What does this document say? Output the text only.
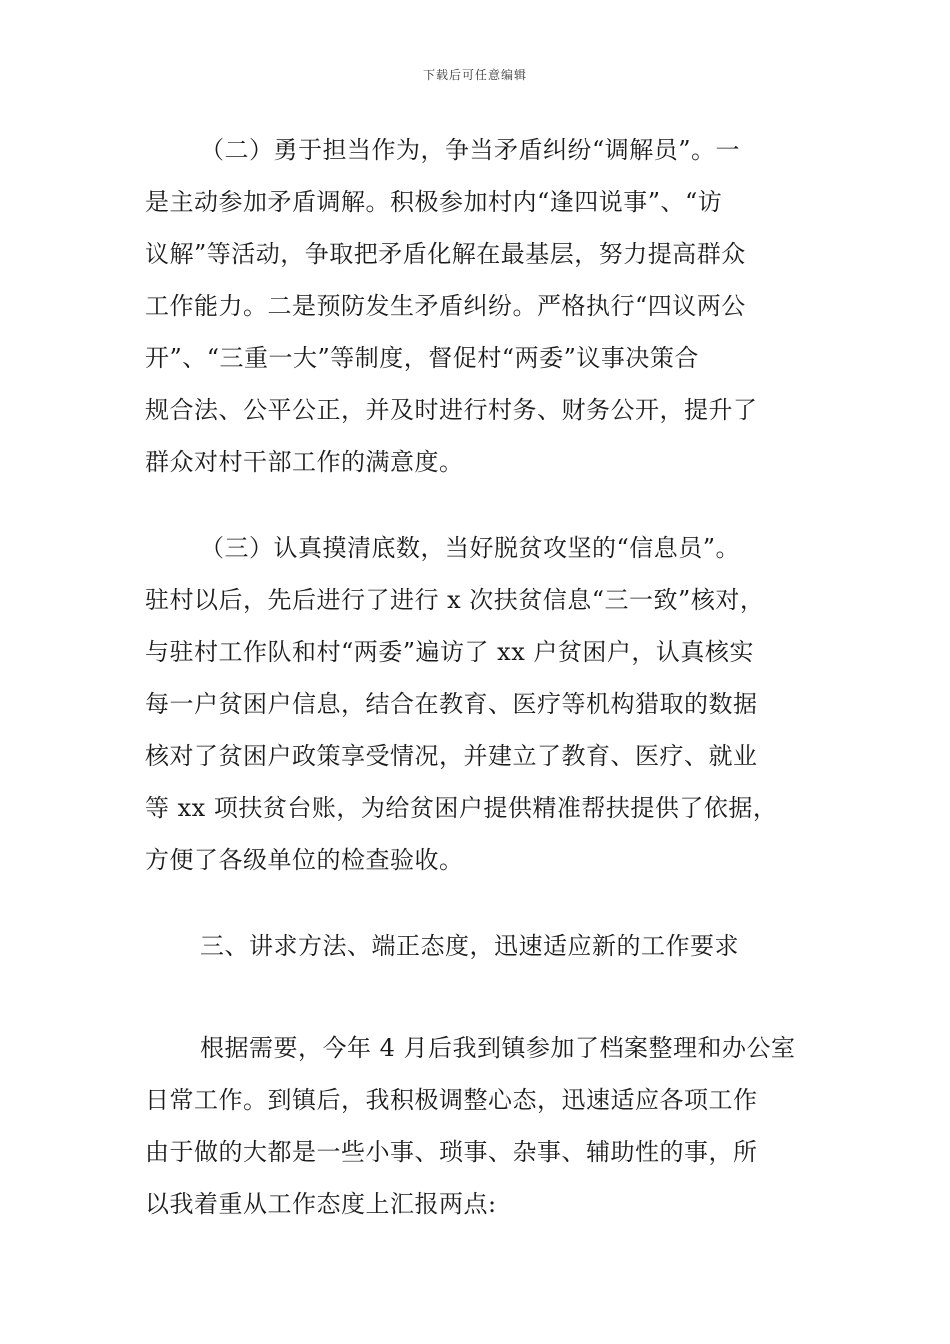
下载后可任意编辑
（二）勇于担当作为，争当矛盾纠纷“调解员”。一
是主动参加矛盾调解。积极参加村内“逢四说事”、“访
议解”等活动，争取把矛盾化解在最基层，努力提高群众
工作能力。二是预防发生矛盾纠纷。严格执行“四议两公
开”、“三重一大”等制度，督促村“两委”议事决策合
规合法、公平公正，并及时进行村务、财务公开，提升了
群众对村干部工作的满意度。
（三）认真摸清底数，当好脱贫攻坚的“信息员”。
驻村以后，先后进行了进行 x 次扶贫信息“三一致”核对，
与驻村工作队和村“两委”遍访了 xx 户贫困户，认真核实
每一户贫困户信息，结合在教育、医疗等机构猎取的数据
核对了贫困户政策享受情况，并建立了教育、医疗、就业
等 xx 项扶贫台账，为给贫困户提供精准帮扶提供了依据，
方便了各级单位的检查验收。
三、讲求方法、端正态度，迅速适应新的工作要求
根据需要，今年 4 月后我到镇参加了档案整理和办公室
日常工作。到镇后，我积极调整心态，迅速适应各项工作
由于做的大都是一些小事、琐事、杂事、辅助性的事，所
以我着重从工作态度上汇报两点:
